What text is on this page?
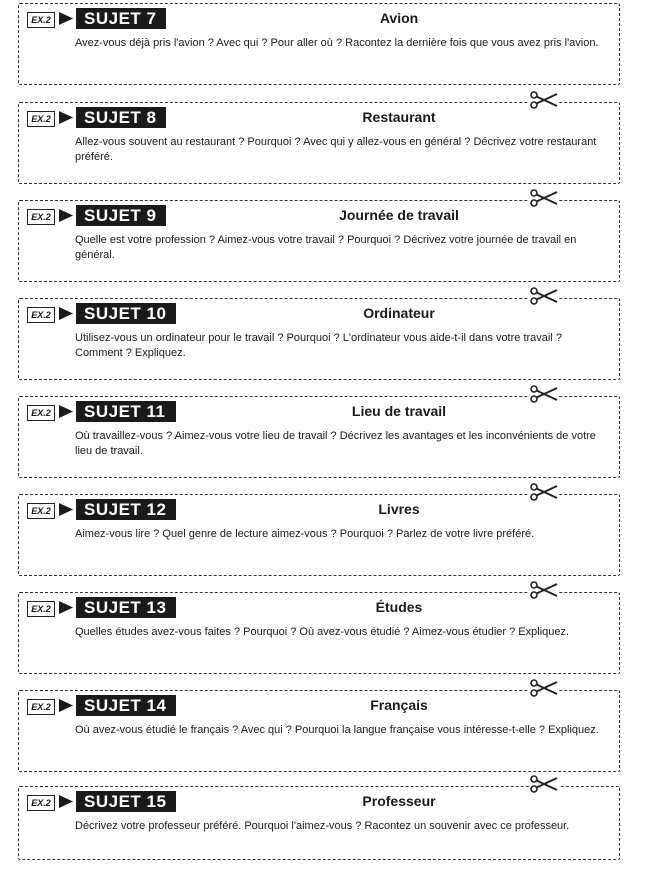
EX.2	SUJET 7	Avion
Avez-vous déjà pris l'avion ? Avec qui ? Pour aller où ? Racontez la dernière fois que vous avez pris l'avion.
EX.2	SUJET 8	Restaurant
Allez-vous souvent au restaurant ? Pourquoi ? Avec qui y allez-vous en général ? Décrivez votre restaurant préféré.
EX.2	SUJET 9	Journée de travail
Quelle est votre profession ? Aimez-vous votre travail ? Pourquoi ? Décrivez votre journée de travail en général.
EX.2	SUJET 10	Ordinateur
Utilisez-vous un ordinateur pour le travail ? Pourquoi ? L'ordinateur vous aide-t-il dans votre travail ? Comment ? Expliquez.
EX.2	SUJET 11	Lieu de travail
Où travaillez-vous ? Aimez-vous votre lieu de travail ? Décrivez les avantages et les inconvénients de votre lieu de travail.
EX.2	SUJET 12	Livres
Aimez-vous lire ? Quel genre de lecture aimez-vous ? Pourquoi ? Parlez de votre livre préféré.
EX.2	SUJET 13	Études
Quelles études avez-vous faites ? Pourquoi ? Où avez-vous étudié ? Aimez-vous étudier ? Expliquez.
EX.2	SUJET 14	Français
Où avez-vous étudié le français ? Avec qui ? Pourquoi la langue française vous intéresse-t-elle ? Expliquez.
EX.2	SUJET 15	Professeur
Décrivez votre professeur préféré. Pourquoi l'aimez-vous ? Racontez un souvenir avec ce professeur.
